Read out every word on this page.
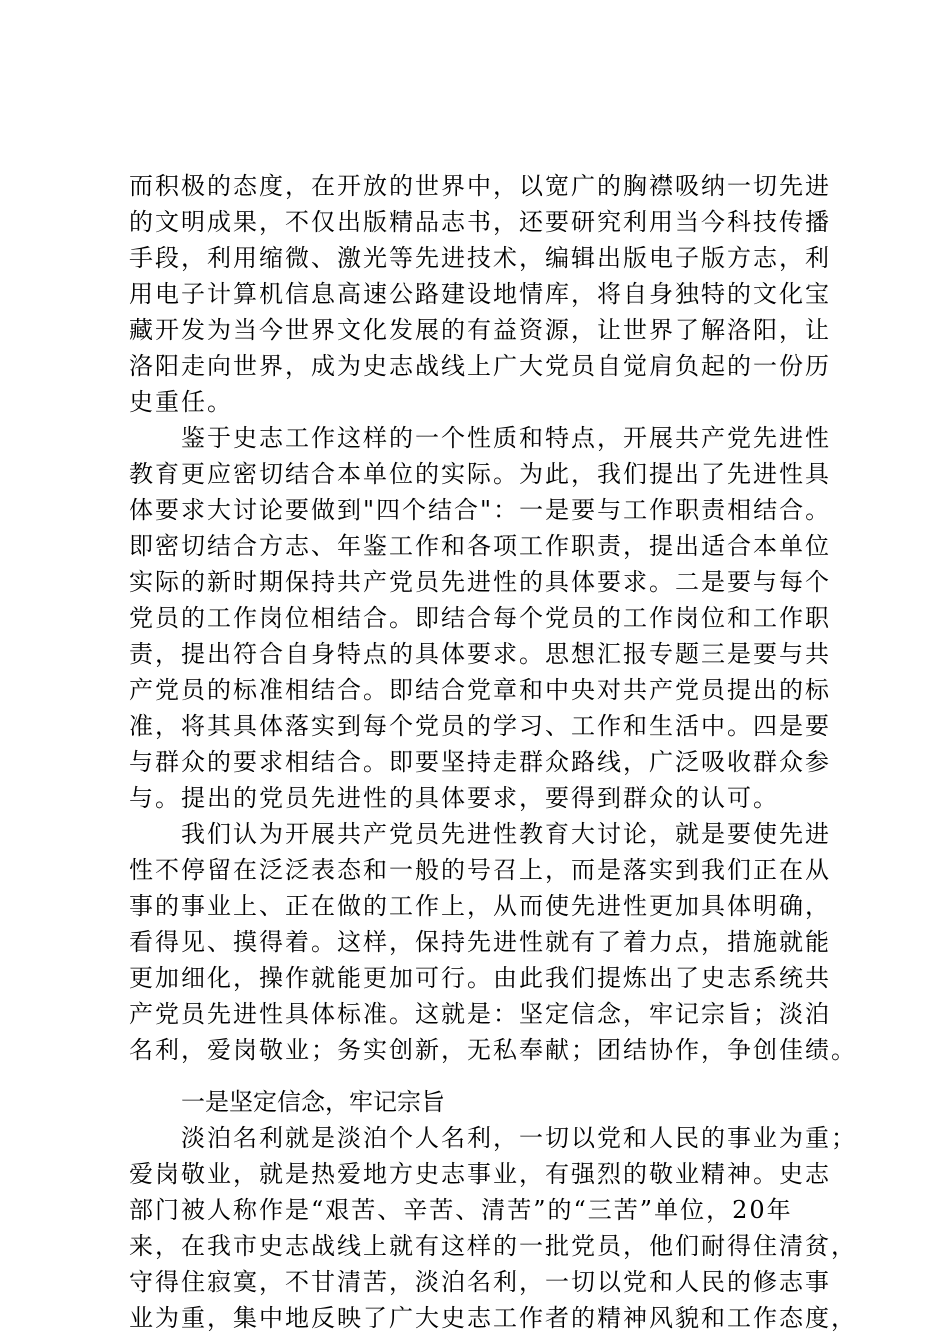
而积极的态度，在开放的世界中，以宽广的胸襟吸纳一切先进
的文明成果，不仅出版精品志书，还要研究利用当今科技传播
手段，利用缩微、激光等先进技术，编辑出版电子版方志，利
用电子计算机信息高速公路建设地情库，将自身独特的文化宝
藏开发为当今世界文化发展的有益资源，让世界了解洛阳，让
洛阳走向世界，成为史志战线上广大党员自觉肩负起的一份历
史重任。
鉴于史志工作这样的一个性质和特点，开展共产党先进性
教育更应密切结合本单位的实际。为此，我们提出了先进性具
体要求大讨论要做到"四个结合"：一是要与工作职责相结合。
即密切结合方志、年鉴工作和各项工作职责，提出适合本单位
实际的新时期保持共产党员先进性的具体要求。二是要与每个
党员的工作岗位相结合。即结合每个党员的工作岗位和工作职
责，提出符合自身特点的具体要求。思想汇报专题三是要与共
产党员的标准相结合。即结合党章和中央对共产党员提出的标
准，将其具体落实到每个党员的学习、工作和生活中。四是要
与群众的要求相结合。即要坚持走群众路线，广泛吸收群众参
与。提出的党员先进性的具体要求，要得到群众的认可。
我们认为开展共产党员先进性教育大讨论，就是要使先进
性不停留在泛泛表态和一般的号召上，而是落实到我们正在从
事的事业上、正在做的工作上，从而使先进性更加具体明确，
看得见、摸得着。这样，保持先进性就有了着力点，措施就能
更加细化，操作就能更加可行。由此我们提炼出了史志系统共
产党员先进性具体标准。这就是：坚定信念，牢记宗旨；淡泊
名利，爱岗敬业；务实创新，无私奉献；团结协作，争创佳绩。
一是坚定信念，牢记宗旨
淡泊名利就是淡泊个人名利，一切以党和人民的事业为重；
爱岗敬业，就是热爱地方史志事业，有强烈的敬业精神。史志
部门被人称作是“艰苦、辛苦、清苦”的“三苦”单位，20年
来，在我市史志战线上就有这样的一批党员，他们耐得住清贫，
守得住寂寞，不甘清苦，淡泊名利，一切以党和人民的修志事
业为重，集中地反映了广大史志工作者的精神风貌和工作态度，
